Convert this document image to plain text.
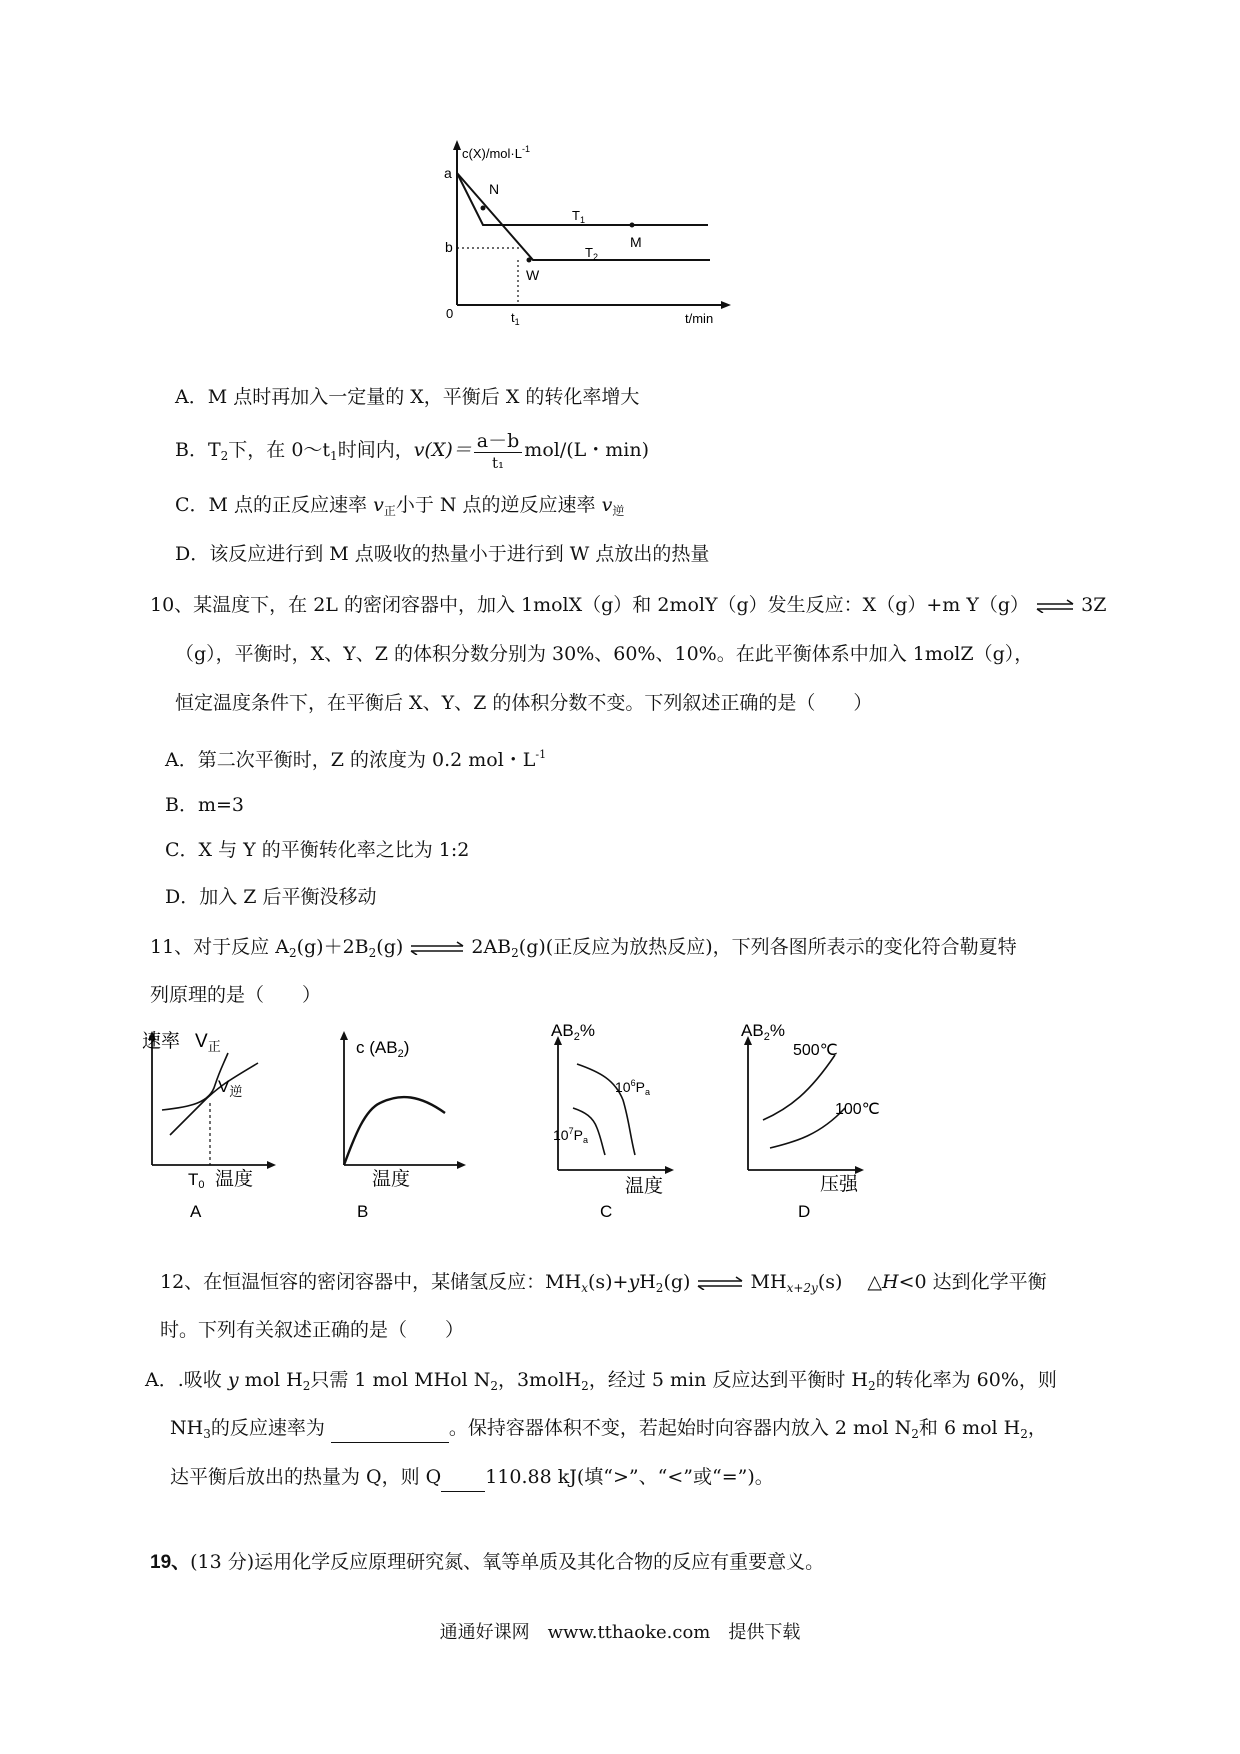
$c(X)/mol\cdot L^{-1}$
a
b
0
N
M
W
$T_1$
$T_2$
$t_1$	t/min
A．M 点时再加入一定量的 X，平衡后 X 的转化率增大
B．$T_2$下，在 $0\sim t_1$时间内，$v(X)= \frac{a-b}{\text{t₁}} mol/(L$・min)
C．M 点的正反应速率 $v_正$小于 N 点的逆反应速率 $v_逆$
D．该反应进行到 M 点吸收的热量小于进行到 W 点放出的热量
10、某温度下，在 2L 的密闭容器中，加入 1molX（g）和 2molY（g）发生反应：X（g）+m Y（g） ⇌ 3Z
（g），平衡时，X、Y、Z 的体积分数分别为 30%、60%、10%。在此平衡体系中加入 1molZ（g），
恒定温度条件下，在平衡后 X、Y、Z 的体积分数不变。下列叙述正确的是（　　）
A．第二次平衡时，Z 的浓度为 0.2 mol・$L^{-1}$
B．m=3
C．X 与 Y 的平衡转化率之比为 1:2
D．加入 Z 后平衡没移动
11、对于反应 $A_2(g)+2B_2(g)$ ⇌ $2AB_2(g)$(正反应为放热反应)，下列各图所表示的变化符合勒夏特
列原理的是（　　）
速率 $V_正$
$V_逆$
T0 温度
A
c $(AB_2)$
温度
B
$AB_2\%$
$10^6P_a$
$10^7P_a$
温度
C
$AB_2\%$
500℃
100℃
压强
D
12、在恒温恒容的密闭容器中，某储氢反应：$MH_x(s)+yH_2(g)$ ⇌ $MH_{x+2y}(s)$　 △H<0 达到化学平衡
时。下列有关叙述正确的是（　　）
A．.吸收 y mol $H_2$只需 1 mol MHol $N_2$，3molH$_2$，经过 5 min 反应达到平衡时 $H_2$的转化率为 60%，则
$NH_3$的反应速率为	。保持容器体积不变，若起始时向容器内放入 2 mol $N_2$和 6 mol $H_2$，
达平衡后放出的热量为 Q，则 Q 110.88 kJ(填“>”、“<”或“=”)。
19、(13 分)运用化学反应原理研究氮、氧等单质及其化合物的反应有重要意义。
通通好课网　www.tthaoke.com　提供下载
